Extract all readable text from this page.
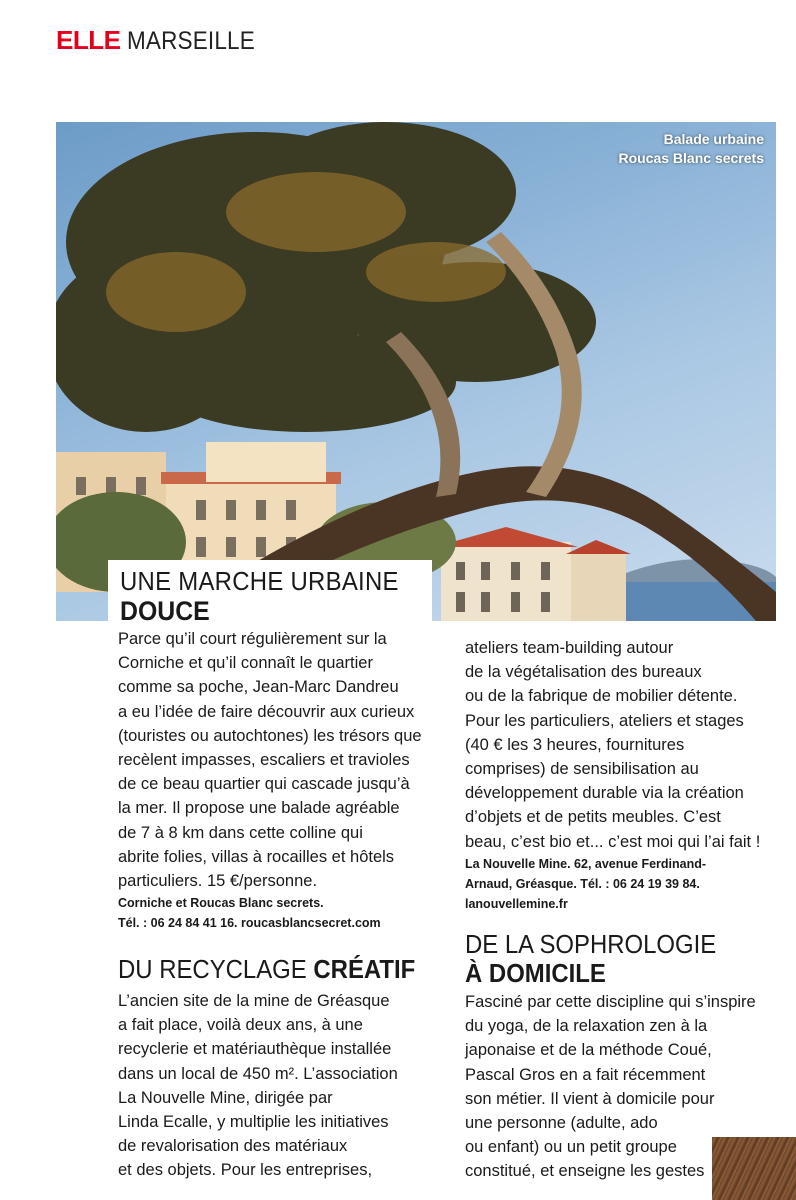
ELLE MARSEILLE
Balade urbaine
Roucas Blanc secrets
UNE MARCHE URBAINE
DOUCE

Parce qu’il court régulièrement sur la
Corniche et qu’il connaît le quartier
comme sa poche, Jean-Marc Dandreu
a eu l’idée de faire découvrir aux curieux
(touristes ou autochtones) les trésors que
recèlent impasses, escaliers et travioles
de ce beau quartier qui cascade jusqu’à
la mer. Il propose une balade agréable
de 7 à 8 km dans cette colline qui
abrite folies, villas à rocailles et hôtels
particuliers. 15 €/personne.

Corniche et Roucas Blanc secrets.
Tél. : 06 24 84 41 16. roucasblancsecret.com
DU RECYCLAGE CRÉATIF
L’ancien site de la mine de Gréasque
a fait place, voilà deux ans, à une
recyclerie et matériauthèque installée
dans un local de 450 m². L’association
La Nouvelle Mine, dirigée par
Linda Ecalle, y multiplie les initiatives
de revalorisation des matériaux
et des objets. Pour les entreprises,
ateliers team-building autour
de la végétalisation des bureaux
ou de la fabrique de mobilier détente.
Pour les particuliers, ateliers et stages
(40 € les 3 heures, fournitures
comprises) de sensibilisation au
développement durable via la création
d’objets et de petits meubles. C’est
beau, c’est bio et... c’est moi qui l’ai fait !
La Nouvelle Mine. 62, avenue Ferdinand-
Arnaud, Gréasque. Tél. : 06 24 19 39 84.
lanouvellemine.fr
DE LA SOPHROLOGIE
À DOMICILE
Fasciné par cette discipline qui s’inspire
du yoga, de la relaxation zen à la
japonaise et de la méthode Coué,
Pascal Gros en a fait récemment
son métier. Il vient à domicile pour
une personne (adulte, ado
ou enfant) ou un petit groupe
constitué, et enseigne les gestes
